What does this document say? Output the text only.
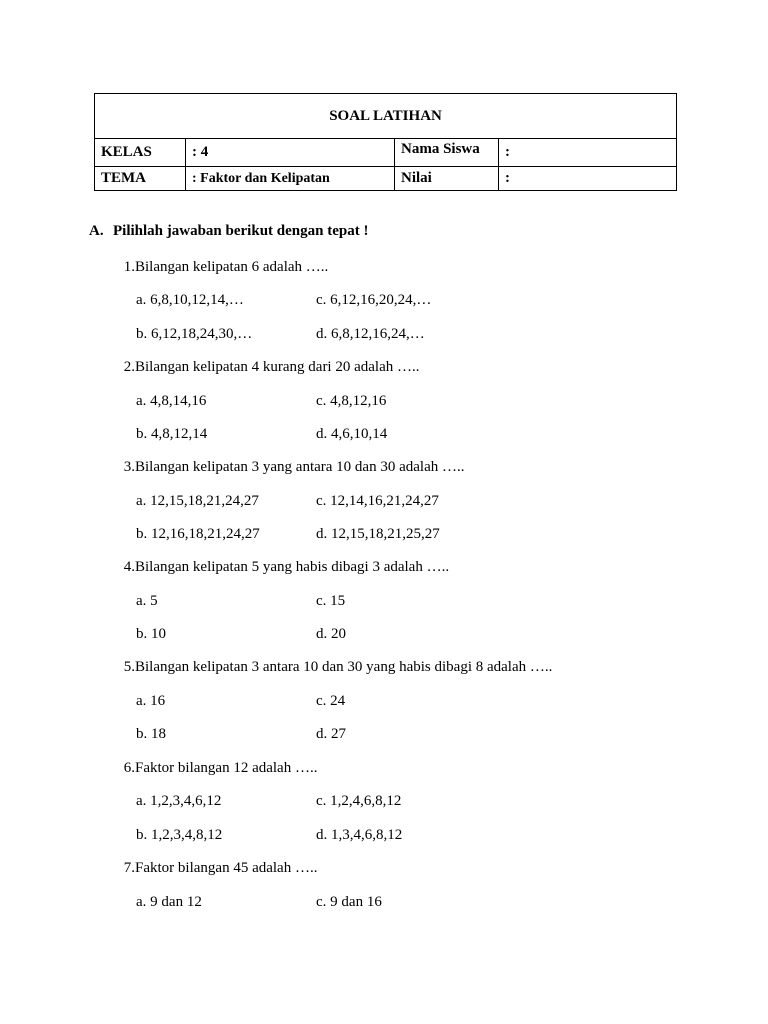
SOAL LATIHAN			
KELAS	: 4	Nama Siswa	:
TEMA	: Faktor dan Kelipatan	Nilai	:
A. Pilihlah jawaban berikut dengan tepat !
1. Bilangan kelipatan 6 adalah …..
a. 6,8,10,12,14,…	c. 6,12,16,20,24,…
b. 6,12,18,24,30,…	d. 6,8,12,16,24,…
2. Bilangan kelipatan 4 kurang dari 20 adalah …..
a. 4,8,14,16	c. 4,8,12,16
b. 4,8,12,14	d. 4,6,10,14
3. Bilangan kelipatan 3 yang antara 10 dan 30 adalah …..
a. 12,15,18,21,24,27	c. 12,14,16,21,24,27
b. 12,16,18,21,24,27	d. 12,15,18,21,25,27
4. Bilangan kelipatan 5 yang habis dibagi 3 adalah …..
a. 5	c. 15
b. 10	d. 20
5. Bilangan kelipatan 3 antara 10 dan 30 yang habis dibagi 8 adalah …..
a. 16	c. 24
b. 18	d. 27
6. Faktor bilangan 12 adalah …..
a. 1,2,3,4,6,12	c. 1,2,4,6,8,12
b. 1,2,3,4,8,12	d. 1,3,4,6,8,12
7. Faktor bilangan 45 adalah …..
a. 9 dan 12	c. 9 dan 16
